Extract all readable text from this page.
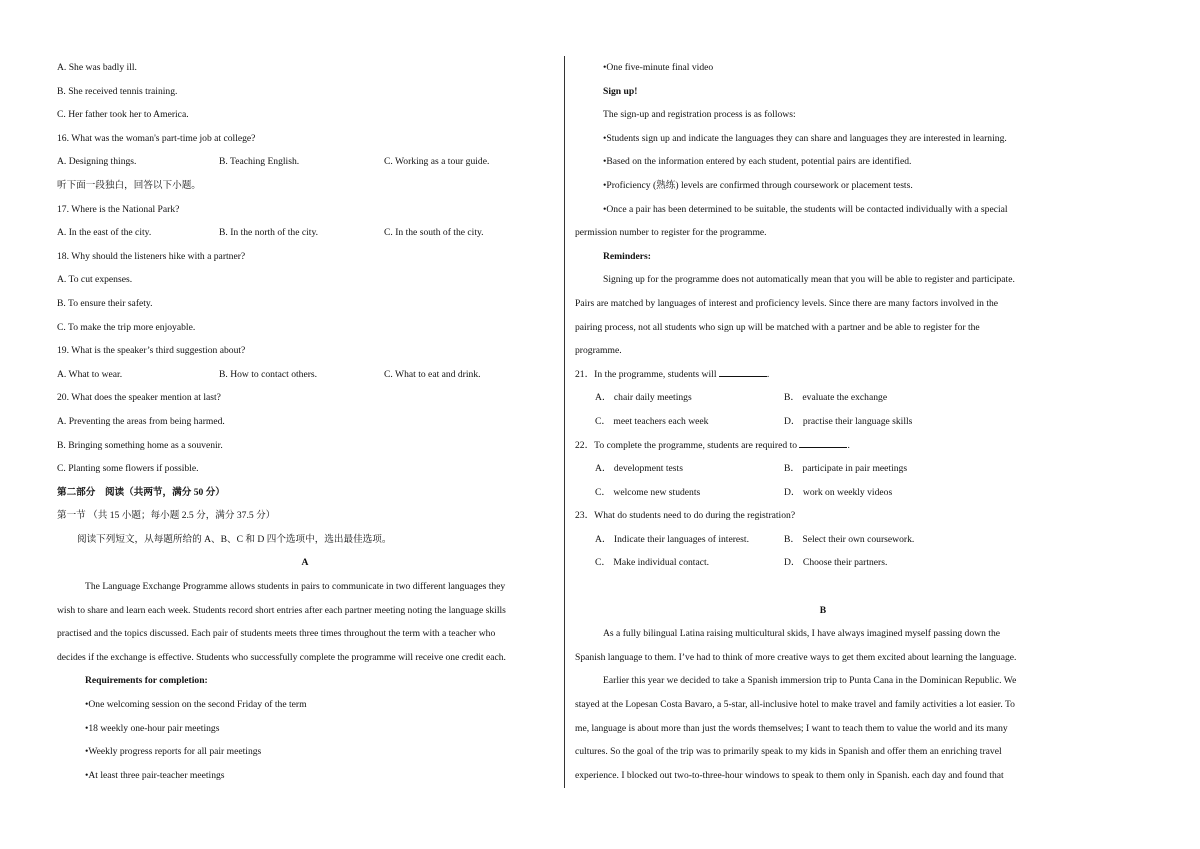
A. She was badly ill.
B. She received tennis training.
C. Her father took her to America.
16. What was the woman's part-time job at college?
A. Designing things.	B. Teaching English.	C. Working as a tour guide.
听下面一段独白，回答以下小题。
17. Where is the National Park?
A. In the east of the city.	B. In the north of the city.	C. In the south of the city.
18. Why should the listeners hike with a partner?
A. To cut expenses.
B. To ensure their safety.
C. To make the trip more enjoyable.
19. What is the speaker’s third suggestion about?
A. What to wear.	B. How to contact others.	C. What to eat and drink.
20. What does the speaker mention at last?
A. Preventing the areas from being harmed.
B. Bringing something home as a souvenir.
C. Planting some flowers if possible.
第二部分　阅读（共两节，满分 50 分）
第一节 （共 15 小题；每小题 2.5 分，满分 37.5 分）
阅读下列短文，从每题所给的 A、B、C 和 D 四个选项中，选出最佳选项。
A
The Language Exchange Programme allows students in pairs to communicate in two different languages they
wish to share and learn each week. Students record short entries after each partner meeting noting the language skills
practised and the topics discussed. Each pair of students meets three times throughout the term with a teacher who
decides if the exchange is effective. Students who successfully complete the programme will receive one credit each.
Requirements for completion:
•One welcoming session on the second Friday of the term
•18 weekly one-hour pair meetings
•Weekly progress reports for all pair meetings
•At least three pair-teacher meetings
•One five-minute final video
Sign up!
The sign-up and registration process is as follows:
•Students sign up and indicate the languages they can share and languages they are interested in learning.
•Based on the information entered by each student, potential pairs are identified.
•Proficiency (熟练) levels are confirmed through coursework or placement tests.
•Once a pair has been determined to be suitable, the students will be contacted individually with a special
permission number to register for the programme.
Reminders:
Signing up for the programme does not automatically mean that you will be able to register and participate.
Pairs are matched by languages of interest and proficiency levels. Since there are many factors involved in the
pairing process, not all students who sign up will be matched with a partner and be able to register for the
programme.
21．In the programme, students will	.
A． chair daily meetings	B． evaluate the exchange
C． meet teachers each week	D． practise their language skills
22．To complete the programme, students are required to	.
A． development tests	B． participate in pair meetings
C． welcome new students	D． work on weekly videos
23．What do students need to do during the registration?
A． Indicate their languages of interest.	B． Select their own coursework.
C． Make individual contact.	D． Choose their partners.
B
As a fully bilingual Latina raising multicultural skids, I have always imagined myself passing down the
Spanish language to them. I’ve had to think of more creative ways to get them excited about learning the language.
Earlier this year we decided to take a Spanish immersion trip to Punta Cana in the Dominican Republic. We
stayed at the Lopesan Costa Bavaro, a 5-star, all-inclusive hotel to make travel and family activities a lot easier. To
me, language is about more than just the words themselves; I want to teach them to value the world and its many
cultures. So the goal of the trip was to primarily speak to my kids in Spanish and offer them an enriching travel
experience. I blocked out two-to-three-hour windows to speak to them only in Spanish. each day and found that
